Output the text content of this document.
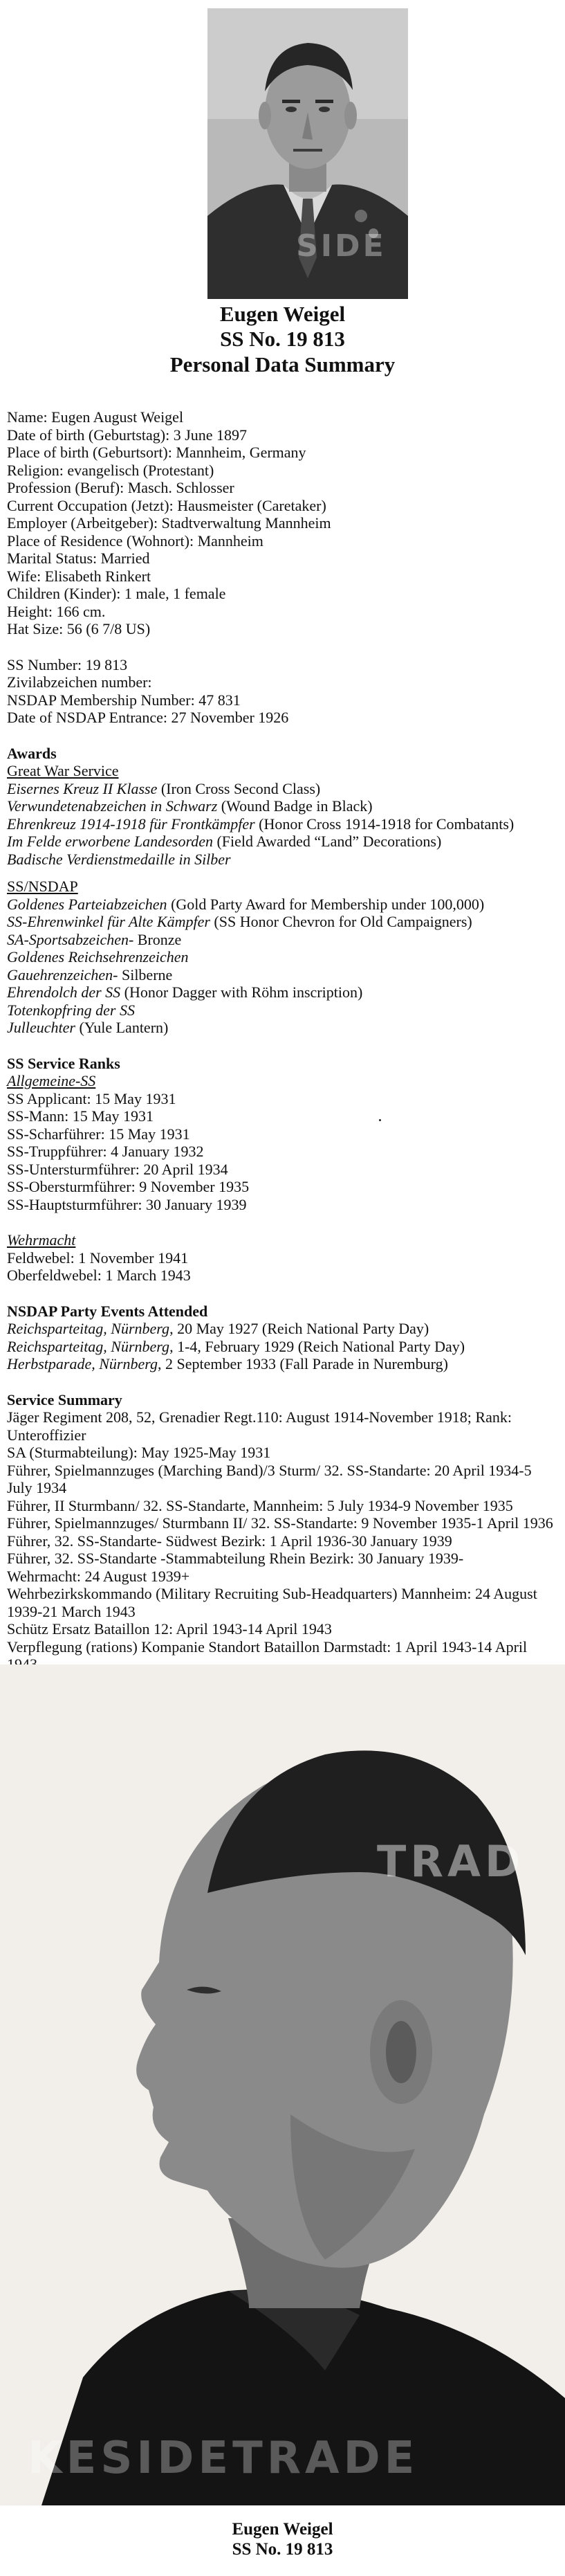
SIDE
Eugen Weigel
SS No. 19 813
Personal Data Summary

Name: Eugen August Weigel

Date of birth (Geburtstag): 3 June 1897

Place of birth (Geburtsort): Mannheim, Germany

Religion: evangelisch (Protestant)

Profession (Beruf): Masch. Schlosser

Current Occupation (Jetzt): Hausmeister (Caretaker)

Employer (Arbeitgeber): Stadtverwaltung Mannheim

Place of Residence (Wohnort): Mannheim

Marital Status: Married

Wife: Elisabeth Rinkert

Children (Kinder): 1 male, 1 female

Height: 166 cm.

Hat Size: 56 (6 7/8 US)

SS Number: 19 813

Zivilabzeichen number:

NSDAP Membership Number: 47 831

Date of NSDAP Entrance: 27 November 1926

Awards

Great War Service

Eisernes Kreuz II Klasse (Iron Cross Second Class)

Verwundetenabzeichen in Schwarz (Wound Badge in Black)

Ehrenkreuz 1914-1918 für Frontkämpfer (Honor Cross 1914-1918 for Combatants)

Im Felde erworbene Landesorden (Field Awarded “Land” Decorations)

Badische Verdienstmedaille in Silber

SS/NSDAP

Goldenes Parteiabzeichen (Gold Party Award for Membership under 100,000)

SS-Ehrenwinkel für Alte Kämpfer (SS Honor Chevron for Old Campaigners)

SA-Sportsabzeichen- Bronze

Goldenes Reichsehrenzeichen

Gauehrenzeichen- Silberne

Ehrendolch der SS (Honor Dagger with Röhm inscription)

Totenkopfring der SS

Julleuchter (Yule Lantern)

SS Service Ranks

Allgemeine-SS

SS Applicant: 15 May 1931

SS-Mann: 15 May 1931

SS-Scharführer: 15 May 1931

SS-Truppführer: 4 January 1932

SS-Untersturmführer: 20 April 1934

SS-Obersturmführer: 9 November 1935

SS-Hauptsturmführer: 30 January 1939

Wehrmacht

Feldwebel: 1 November 1941

Oberfeldwebel: 1 March 1943

NSDAP Party Events Attended

Reichsparteitag, Nürnberg, 20 May 1927 (Reich National Party Day)

Reichsparteitag, Nürnberg, 1-4, February 1929 (Reich National Party Day)

Herbstparade, Nürnberg, 2 September 1933 (Fall Parade in Nuremburg)

Service Summary

Jäger Regiment 208, 52, Grenadier Regt.110: August 1914-November 1918; Rank:

Unteroffizier

SA (Sturmabteilung): May 1925-May 1931

Führer, Spielmannzuges (Marching Band)/3 Sturm/ 32. SS-Standarte: 20 April 1934-5

July 1934

Führer, II Sturmbann/ 32. SS-Standarte, Mannheim: 5 July 1934-9 November 1935

Führer, Spielmannzuges/ Sturmbann II/ 32. SS-Standarte: 9 November 1935-1 April 1936

Führer, 32. SS-Standarte- Südwest Bezirk: 1 April 1936-30 January 1939

Führer, 32. SS-Standarte -Stammabteilung Rhein Bezirk: 30 January 1939-

Wehrmacht: 24 August 1939+

Wehrbezirkskommando (Military Recruiting Sub-Headquarters) Mannheim: 24 August

1939-21 March 1943

Schütz Ersatz Bataillon 12: April 1943-14 April 1943

Verpflegung (rations) Kompanie Standort Bataillon Darmstadt: 1 April 1943-14 April

TRAD
KESIDETRADE
Eugen Weigel
SS No. 19 813
